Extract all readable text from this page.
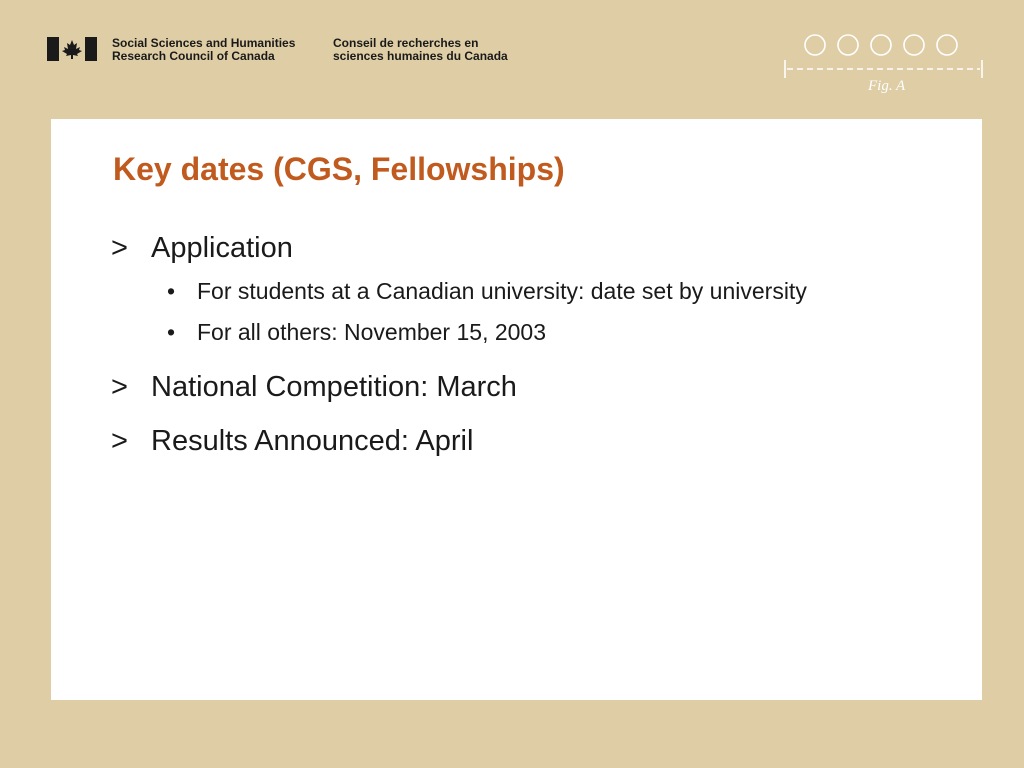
Social Sciences and Humanities
Research Council of Canada
Conseil de recherches en
sciences humaines du Canada
Fig. A
Key dates (CGS, Fellowships)
> Application
• For students at a Canadian university: date set by university
• For all others: November 15, 2003
> National Competition: March
> Results Announced: April
